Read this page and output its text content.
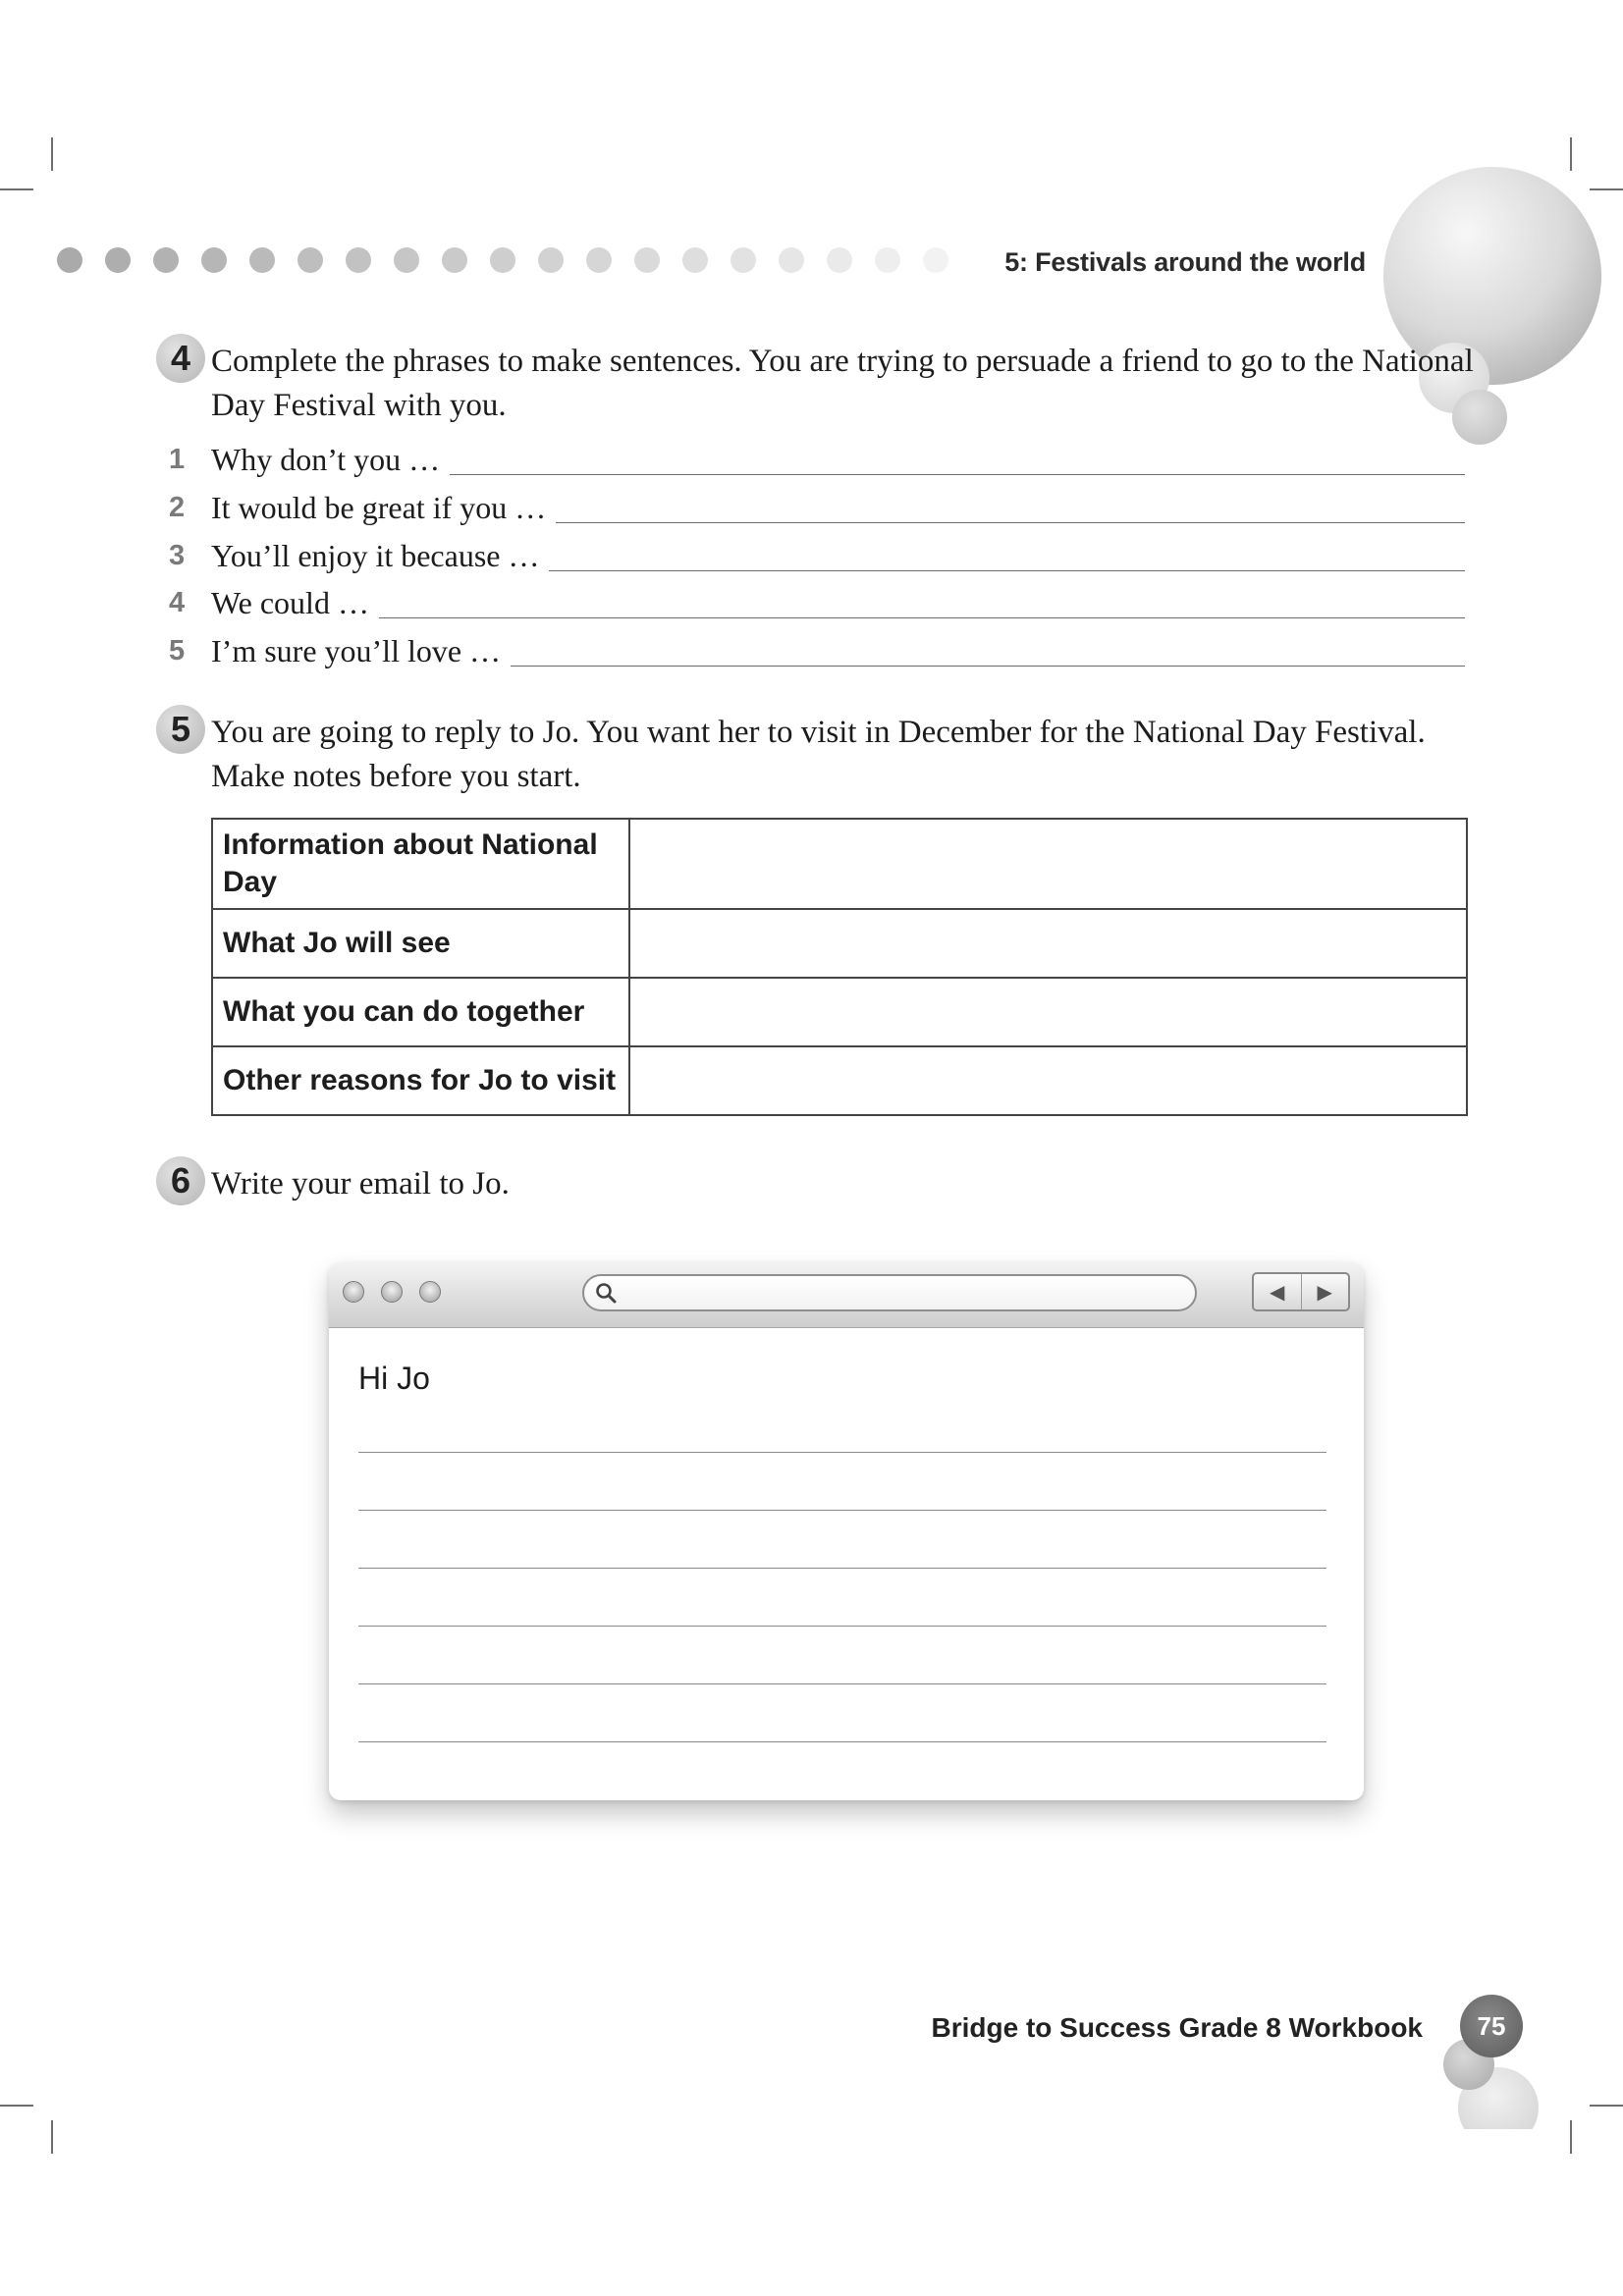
5: Festivals around the world
4 Complete the phrases to make sentences. You are trying to persuade a friend to go to the National Day Festival with you.
1 Why don’t you …
2 It would be great if you …
3 You’ll enjoy it because …
4 We could …
5 I’m sure you’ll love …
5 You are going to reply to Jo. You want her to visit in December for the National Day Festival. Make notes before you start.
Information about National Day	
What Jo will see	
What you can do together	
Other reasons for Jo to visit	
6 Write your email to Jo.
◀ ▶
Hi Jo
Bridge to Success Grade 8 Workbook	75
